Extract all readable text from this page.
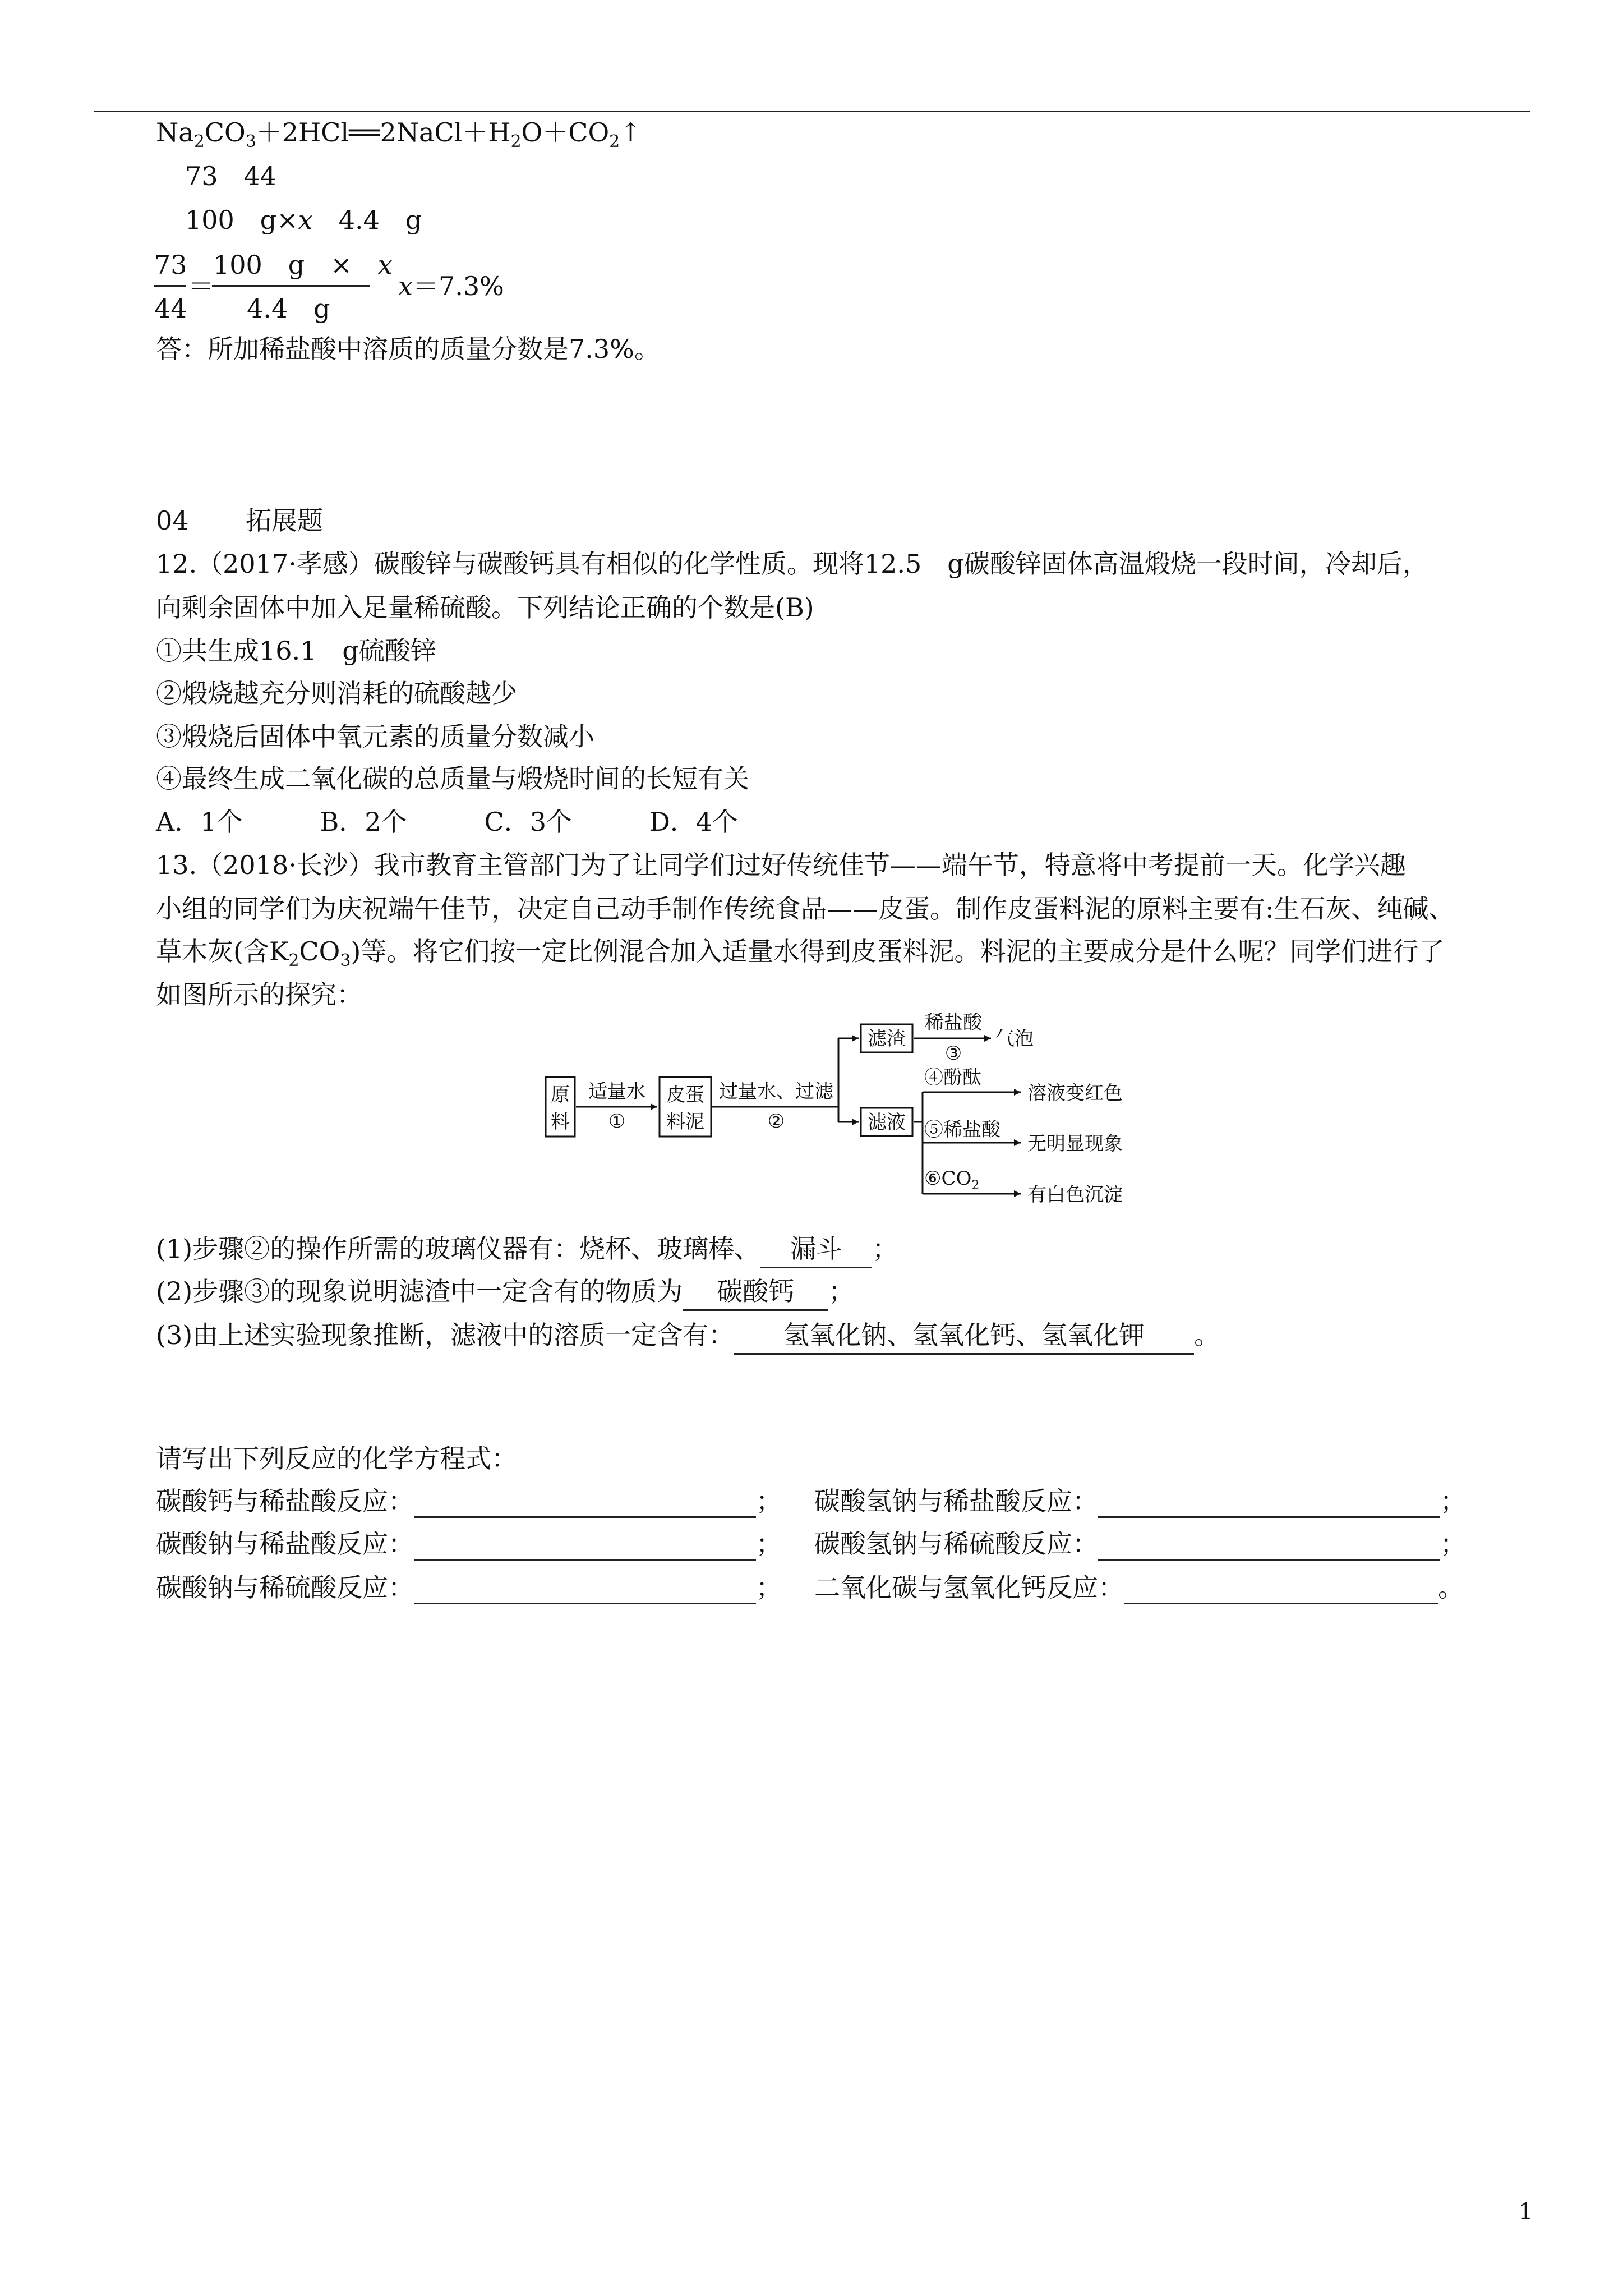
$Na_2CO_3+2HCl══2NaCl+H_2O+CO_2↑$
73　44
100　g×x　4.4　g
73
44
＝
100　g　×　x
4.4　g
x＝7.3%
答：所加稀盐酸中溶质的质量分数是7.3%。
04 拓展题
12.（2017·孝感）碳酸锌与碳酸钙具有相似的化学性质。现将12.5　g碳酸锌固体高温煅烧一段时间，冷却后，
向剩余固体中加入足量稀硫酸。下列结论正确的个数是(B)
①共生成16.1　g硫酸锌
②煅烧越充分则消耗的硫酸越少
③煅烧后固体中氧元素的质量分数减小
④最终生成二氧化碳的总质量与煅烧时间的长短有关
A．1个　　　B．2个　　　C．3个　　　D．4个
13.（2018·长沙）我市教育主管部门为了让同学们过好传统佳节——端午节，特意将中考提前一天。化学兴趣
小组的同学们为庆祝端午佳节，决定自己动手制作传统食品——皮蛋。制作皮蛋料泥的原料主要有:生石灰、纯碱、
草木灰(含$K_2CO_3$)等。将它们按一定比例混合加入适量水得到皮蛋料泥。料泥的主要成分是什么呢？同学们进行了
如图所示的探究：
原
料
适量水
①
皮蛋
料泥
过量水、过滤
②
滤渣
稀盐酸
③
气泡
滤液
④酚酞
⑤稀盐酸
$⑥CO_2$
溶液变红色
无明显现象
有白色沉淀
(1)步骤②的操作所需的玻璃仪器有：烧杯、玻璃棒、 漏斗 ；
(2)步骤③的现象说明滤渣中一定含有的物质为 碳酸钙 ；
(3)由上述实验现象推断，滤液中的溶质一定含有： 氢氧化钠、氢氧化钙、氢氧化钾 。
请写出下列反应的化学方程式：
碳酸钙与稀盐酸反应：	； 碳酸氢钠与稀盐酸反应：	；
碳酸钠与稀盐酸反应：	； 碳酸氢钠与稀硫酸反应：	；
碳酸钠与稀硫酸反应：	； 二氧化碳与氢氧化钙反应：	。
1
